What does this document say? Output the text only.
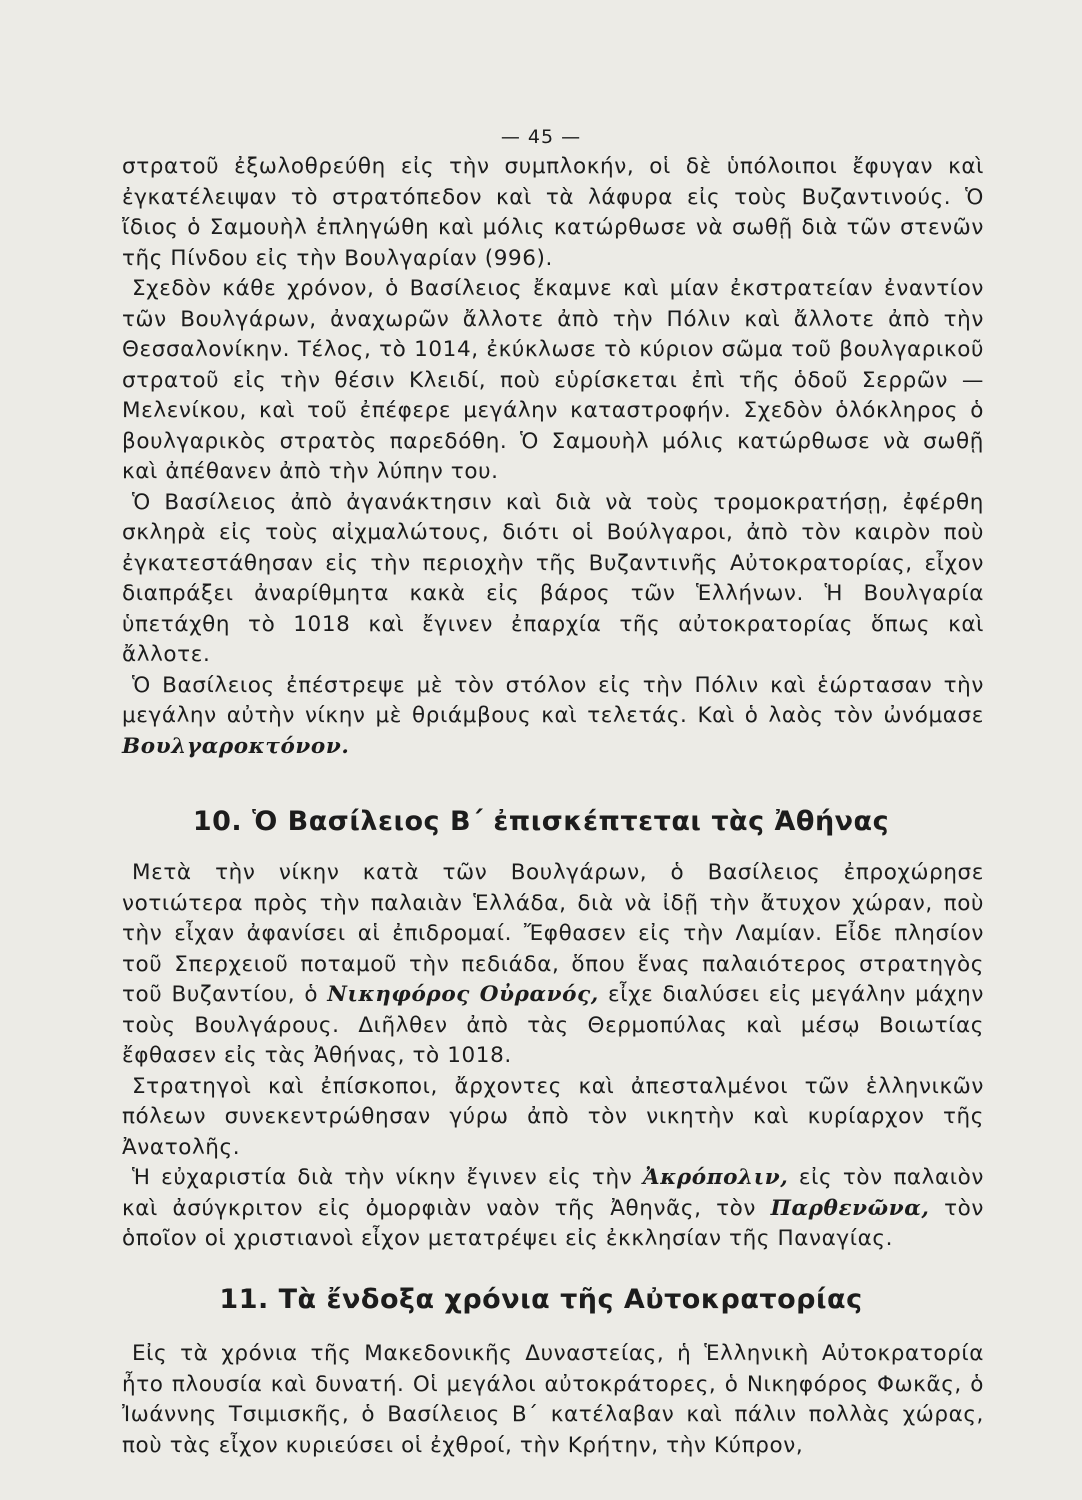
— 45 —

στρατοῦ ἐξωλοθρεύθη εἰς τὴν συμπλοκήν, οἱ δὲ ὑπόλοιποι ἔφυγαν καὶ ἐγκατέλειψαν τὸ στρατόπεδον καὶ τὰ λάφυρα εἰς τοὺς Βυζαντινούς. Ὁ ἴδιος ὁ Σαμουὴλ ἐπληγώθη καὶ μόλις κατώρθωσε νὰ σωθῇ διὰ τῶν στενῶν τῆς Πίνδου εἰς τὴν Βουλγαρίαν (996).

Σχεδὸν κάθε χρόνον, ὁ Βασίλειος ἔκαμνε καὶ μίαν ἐκστρατείαν ἐναντίον τῶν Βουλγάρων, ἀναχωρῶν ἄλλοτε ἀπὸ τὴν Πόλιν καὶ ἄλλοτε ἀπὸ τὴν Θεσσαλονίκην. Τέλος, τὸ 1014, ἐκύκλωσε τὸ κύριον σῶμα τοῦ βουλγαρικοῦ στρατοῦ εἰς τὴν θέσιν Κλειδί, ποὺ εὑρίσκεται ἐπὶ τῆς ὁδοῦ Σερρῶν — Μελενίκου, καὶ τοῦ ἐπέφερε μεγάλην καταστροφήν. Σχεδὸν ὁλόκληρος ὁ βουλγαρικὸς στρατὸς παρεδόθη. Ὁ Σαμουὴλ μόλις κατώρθωσε νὰ σωθῇ καὶ ἀπέθανεν ἀπὸ τὴν λύπην του.

Ὁ Βασίλειος ἀπὸ ἀγανάκτησιν καὶ διὰ νὰ τοὺς τρομοκρατήσῃ, ἐφέρθη σκληρὰ εἰς τοὺς αἰχμαλώτους, διότι οἱ Βούλγαροι, ἀπὸ τὸν καιρὸν ποὺ ἐγκατεστάθησαν εἰς τὴν περιοχὴν τῆς Βυζαντινῆς Αὐτοκρατορίας, εἶχον διαπράξει ἀναρίθμητα κακὰ εἰς βάρος τῶν Ἑλλήνων. Ἡ Βουλγαρία ὑπετάχθη τὸ 1018 καὶ ἔγινεν ἐπαρχία τῆς αὐτοκρατορίας ὅπως καὶ ἄλλοτε.

Ὁ Βασίλειος ἐπέστρεψε μὲ τὸν στόλον εἰς τὴν Πόλιν καὶ ἑώρτασαν τὴν μεγάλην αὐτὴν νίκην μὲ θριάμβους καὶ τελετάς. Καὶ ὁ λαὸς τὸν ὠνόμασε Βουλγαροκτόνον.

10. Ὁ Βασίλειος Β΄ ἐπισκέπτεται τὰς Ἀθήνας

Μετὰ τὴν νίκην κατὰ τῶν Βουλγάρων, ὁ Βασίλειος ἐπροχώρησε νοτιώτερα πρὸς τὴν παλαιὰν Ἑλλάδα, διὰ νὰ ἰδῇ τὴν ἄτυχον χώραν, ποὺ τὴν εἶχαν ἀφανίσει αἱ ἐπιδρομαί. Ἔφθασεν εἰς τὴν Λαμίαν. Εἶδε πλησίον τοῦ Σπερχειοῦ ποταμοῦ τὴν πεδιάδα, ὅπου ἕνας παλαιότερος στρατηγὸς τοῦ Βυζαντίου, ὁ Νικηφόρος Οὐρανός, εἶχε διαλύσει εἰς μεγάλην μάχην τοὺς Βουλγάρους. Διῆλθεν ἀπὸ τὰς Θερμοπύλας καὶ μέσῳ Βοιωτίας ἔφθασεν εἰς τὰς Ἀθήνας, τὸ 1018.

Στρατηγοὶ καὶ ἐπίσκοποι, ἄρχοντες καὶ ἀπεσταλμένοι τῶν ἑλληνικῶν πόλεων συνεκεντρώθησαν γύρω ἀπὸ τὸν νικητὴν καὶ κυρίαρχον τῆς Ἀνατολῆς.

Ἡ εὐχαριστία διὰ τὴν νίκην ἔγινεν εἰς τὴν Ἀκρόπολιν, εἰς τὸν παλαιὸν καὶ ἀσύγκριτον εἰς ὀμορφιὰν ναὸν τῆς Ἀθηνᾶς, τὸν Παρθενῶνα, τὸν ὁποῖον οἱ χριστιανοὶ εἶχον μετατρέψει εἰς ἐκκλησίαν τῆς Παναγίας.

11. Τὰ ἔνδοξα χρόνια τῆς Αὐτοκρατορίας

Εἰς τὰ χρόνια τῆς Μακεδονικῆς Δυναστείας, ἡ Ἑλληνικὴ Αὐτοκρατορία ἦτο πλουσία καὶ δυνατή. Οἱ μεγάλοι αὐτοκράτορες, ὁ Νικηφόρος Φωκᾶς, ὁ Ἰωάννης Τσιμισκῆς, ὁ Βασίλειος Β΄ κατέλαβαν καὶ πάλιν πολλὰς χώρας, ποὺ τὰς εἶχον κυριεύσει οἱ ἐχθροί, τὴν Κρήτην, τὴν Κύπρον,
